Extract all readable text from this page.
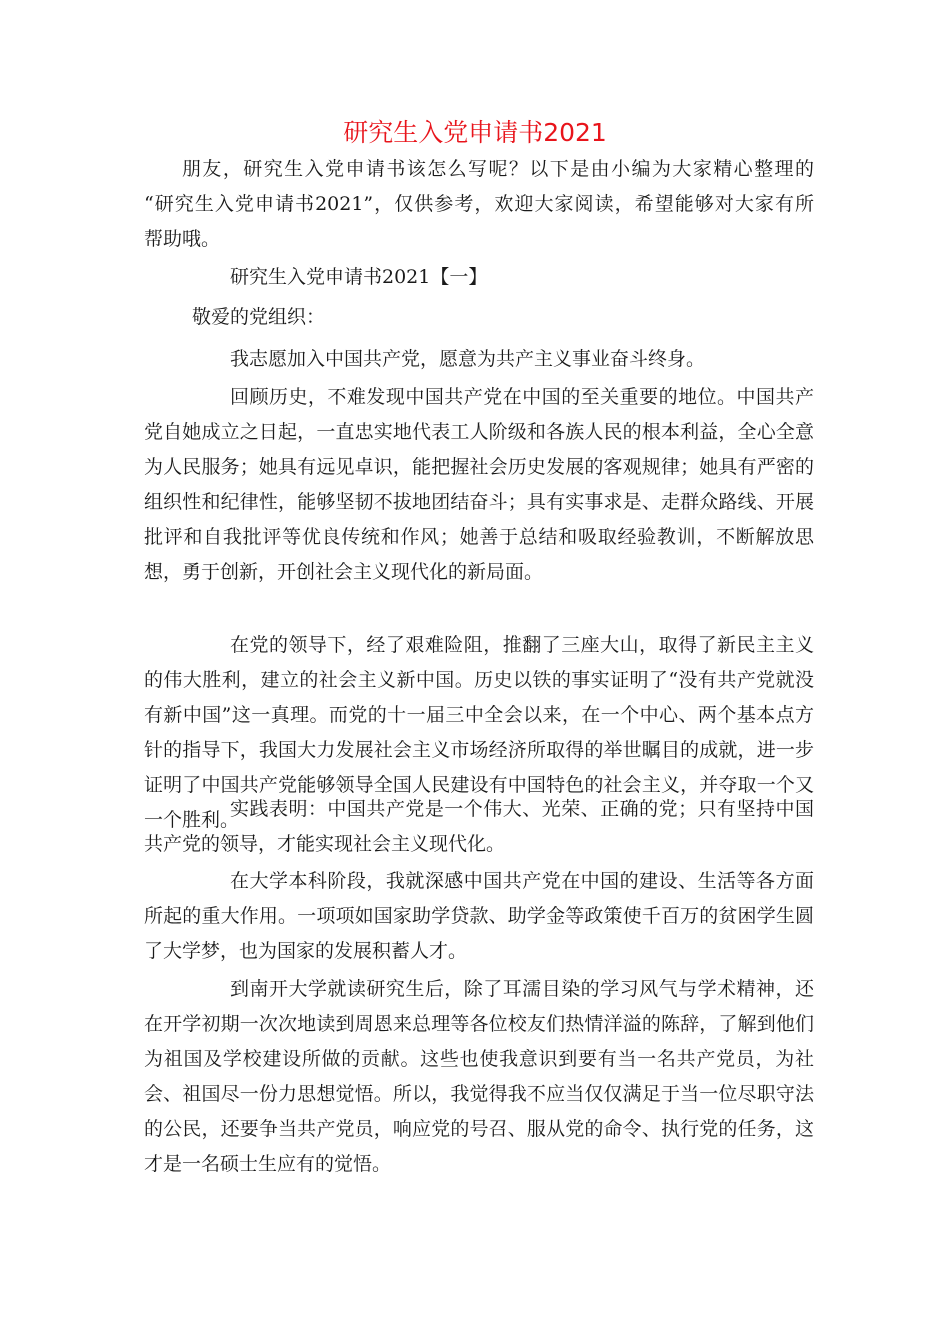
研究生入党申请书2021
朋友，研究生入党申请书该怎么写呢？以下是由小编为大家精心整理的
“研究生入党申请书2021”，仅供参考，欢迎大家阅读，希望能够对大家有所
帮助哦。
研究生入党申请书2021【一】
敬爱的党组织：

我志愿加入中国共产党，愿意为共产主义事业奋斗终身。

回顾历史，不难发现中国共产党在中国的至关重要的地位。中国共产党自她成立之日起，一直忠实地代表工人阶级和各族人民的根本利益，全心全意为人民服务；她具有远见卓识，能把握社会历史发展的客观规律；她具有严密的组织性和纪律性，能够坚韧不拔地团结奋斗；具有实事求是、走群众路线、开展批评和自我批评等优良传统和作风；她善于总结和吸取经验教训，不断解放思想，勇于创新，开创社会主义现代化的新局面。

在党的领导下，经了艰难险阻，推翻了三座大山，取得了新民主主义的伟大胜利，建立的社会主义新中国。历史以铁的事实证明了“没有共产党就没有新中国”这一真理。而党的十一届三中全会以来，在一个中心、两个基本点方针的指导下，我国大力发展社会主义市场经济所取得的举世瞩目的成就，进一步证明了中国共产党能够领导全国人民建设有中国特色的社会主义，并夺取一个又一个胜利。

实践表明：中国共产党是一个伟大、光荣、正确的党；只有坚持中国共产党的领导，才能实现社会主义现代化。

在大学本科阶段，我就深感中国共产党在中国的建设、生活等各方面所起的重大作用。一项项如国家助学贷款、助学金等政策使千百万的贫困学生圆了大学梦，也为国家的发展积蓄人才。

到南开大学就读研究生后，除了耳濡目染的学习风气与学术精神，还在开学初期一次次地读到周恩来总理等各位校友们热情洋溢的陈辞，了解到他们为祖国及学校建设所做的贡献。这些也使我意识到要有当一名共产党员，为社会、祖国尽一份力思想觉悟。所以，我觉得我不应当仅仅满足于当一位尽职守法的公民，还要争当共产党员，响应党的号召、服从党的命令、执行党的任务，这才是一名硕士生应有的觉悟。
